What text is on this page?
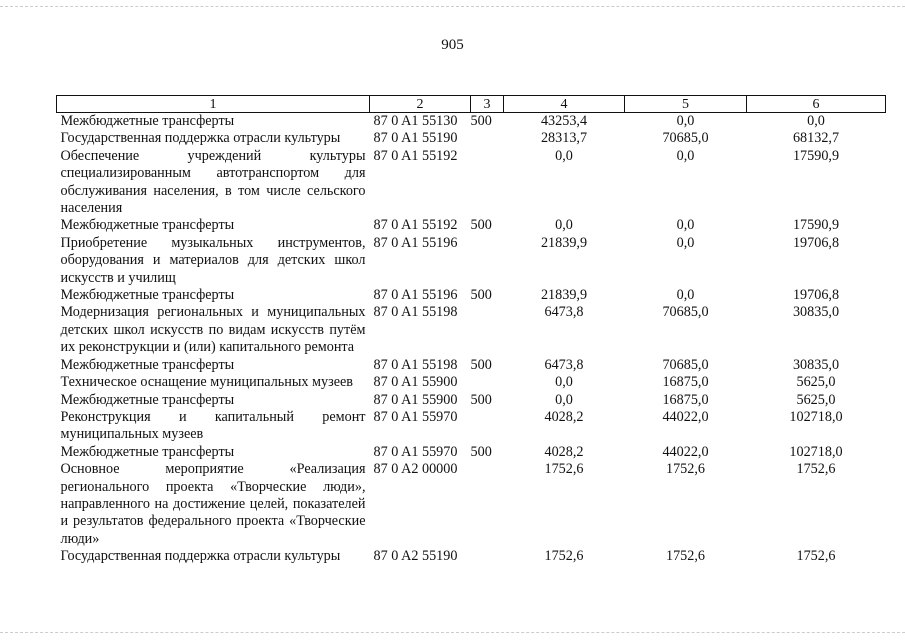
905
1	2	3	4	5	6
Межбюджетные трансферты	87 0 A1 55130	500	43253,4	0,0	0,0
Государственная поддержка отрасли культуры	87 0 A1 55190		28313,7	70685,0	68132,7
Обеспечение учреждений культуры специализированным автотранспортом для обслуживания населения, в том числе сельского населения	87 0 A1 55192		0,0	0,0	17590,9
Межбюджетные трансферты	87 0 A1 55192	500	0,0	0,0	17590,9
Приобретение музыкальных инструментов, оборудования и материалов для детских школ искусств и училищ	87 0 A1 55196		21839,9	0,0	19706,8
Межбюджетные трансферты	87 0 A1 55196	500	21839,9	0,0	19706,8
Модернизация региональных и муниципальных детских школ искусств по видам искусств путём их реконструкции и (или) капитального ремонта	87 0 A1 55198		6473,8	70685,0	30835,0
Межбюджетные трансферты	87 0 A1 55198	500	6473,8	70685,0	30835,0
Техническое оснащение муниципальных музеев	87 0 A1 55900		0,0	16875,0	5625,0
Межбюджетные трансферты	87 0 A1 55900	500	0,0	16875,0	5625,0
Реконструкция и капитальный ремонт муниципальных музеев	87 0 A1 55970		4028,2	44022,0	102718,0
Межбюджетные трансферты	87 0 A1 55970	500	4028,2	44022,0	102718,0
Основное мероприятие «Реализация регионального проекта «Творческие люди», направленного на достижение целей, показателей и результатов федерального проекта «Творческие люди»	87 0 A2 00000		1752,6	1752,6	1752,6
Государственная поддержка отрасли культуры	87 0 A2 55190		1752,6	1752,6	1752,6
